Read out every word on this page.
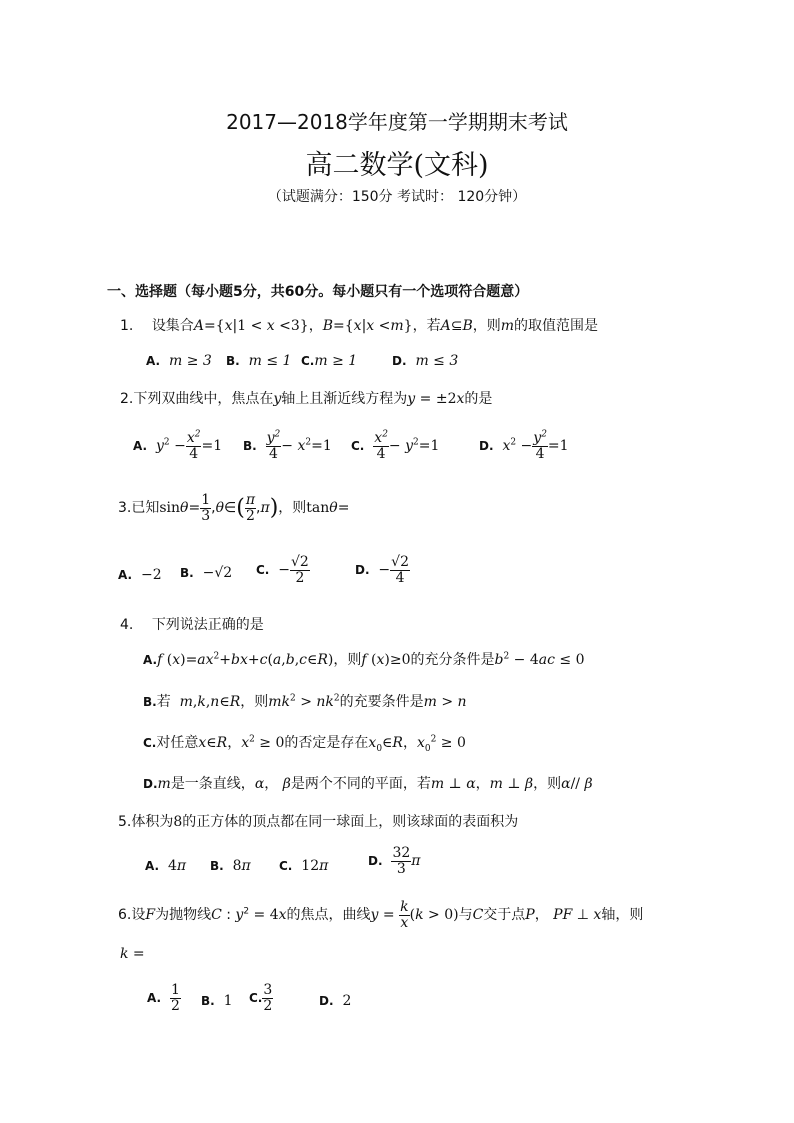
2017—2018学年度第一学期期末考试
高二数学(文科)
（试题满分：150分 考试时： 120分钟）
一、选择题（每小题5分，共60分。每小题只有一个选项符合题意）
1. 设集合A={x|1 < x <3}，B={x|x <m}，若A⊆B，则m的取值范围是
A. m ≥ 3 B. m ≤ 1 C.m ≥ 1	D. m ≤ 3
2.下列双曲线中，焦点在y轴上且渐近线方程为y = ±2x的是
A. $y^2 - \frac{x^2}{4} =1$ B. $\frac{y^2}{4} - x^2=1$ C. $\frac{x^2}{4} - y^2=1$	D. $x^2 - \frac{y^2}{4} =1$
3.已知$\sin\theta= \frac{1}{3}$ ,θ∈( $\frac{\pi}{2} ,\pi$)，则tanθ=
A. −2 B. −√2 C.  − $\frac{√2}{2}$	D.  − $\frac{√2}{4}$
4. 下列说法正确的是
A.f $(x)=ax^2+bx+c(a,b,c\in R)$，则f (x)≥0的充分条件是$b^2 - 4ac \le 0$
B.若  m,k,n∈R，则$mk^2 > nk^2$的充要条件是m > n
C.对任意x∈R，$x^2 \ge 0$的否定是存在$x_0\in R$，$x_0^2 \ge 0$
D.m是一条直线，α， β是两个不同的平面，若m ⊥ α，m ⊥ β，则α// β
5.体积为8的正方体的顶点都在同一球面上，则该球面的表面积为
A. 4π B. 8π C. 12π	D. $\frac{32}{3}$ π
6.设F为抛物线C : $y^2 = 4x$的焦点，曲线$y = \frac{k}{x} (k > 0)$与C交于点P， PF ⊥ x轴，则
k =
A. $\frac{1}{2} B$. 1 C. $\frac{3}{2}$	D. 2
